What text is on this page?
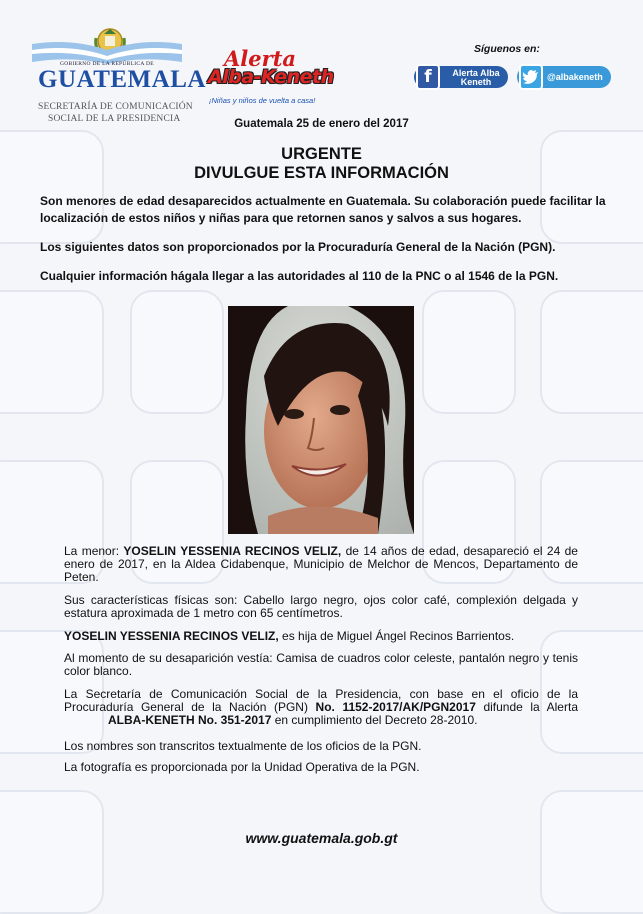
GOBIERNO DE LA REPÚBLICA DE
GUATEMALA
SECRETARÍA DE COMUNICACIÓN
SOCIAL DE LA PRESIDENCIA
Alerta
Alba-Keneth
¡Niñas y niños de vuelta a casa!
Síguenos en:
f	Alerta Alba
Keneth	@albakeneth
Guatemala 25 de enero del 2017
URGENTE
DIVULGUE ESTA INFORMACIÓN
Son menores de edad desaparecidos actualmente en Guatemala. Su colaboración puede facilitar la localización de estos niños y niñas para que retornen sanos y salvos a sus hogares.
Los siguientes datos son proporcionados por la Procuraduría General de la Nación (PGN).
Cualquier información hágala llegar a las autoridades al 110 de la PNC o al 1546 de la PGN.
La menor: YOSELIN YESSENIA RECINOS VELIZ, de 14 años de edad, desapareció el 24 de enero de 2017, en la Aldea Cidabenque, Municipio de Melchor de Mencos, Departamento de Peten.
Sus características físicas son: Cabello largo negro, ojos color café, complexión delgada y estatura aproximada de 1 metro con 65 centímetros.
YOSELIN YESSENIA RECINOS VELIZ, es hija de Miguel Ángel Recinos Barrientos.
Al momento de su desaparición vestía: Camisa de cuadros color celeste, pantalón negro y tenis color blanco.
La Secretaría de Comunicación Social de la Presidencia, con base en el oficio de la Procuraduría General de la Nación (PGN) No. 1152-2017/AK/PGN2017 difunde la AlertaALBA-KENETH No. 351-2017 en cumplimiento del Decreto 28-2010.
Los nombres son transcritos textualmente de los oficios de la PGN.
La fotografía es proporcionada por la Unidad Operativa de la PGN.
www.guatemala.gob.gt
